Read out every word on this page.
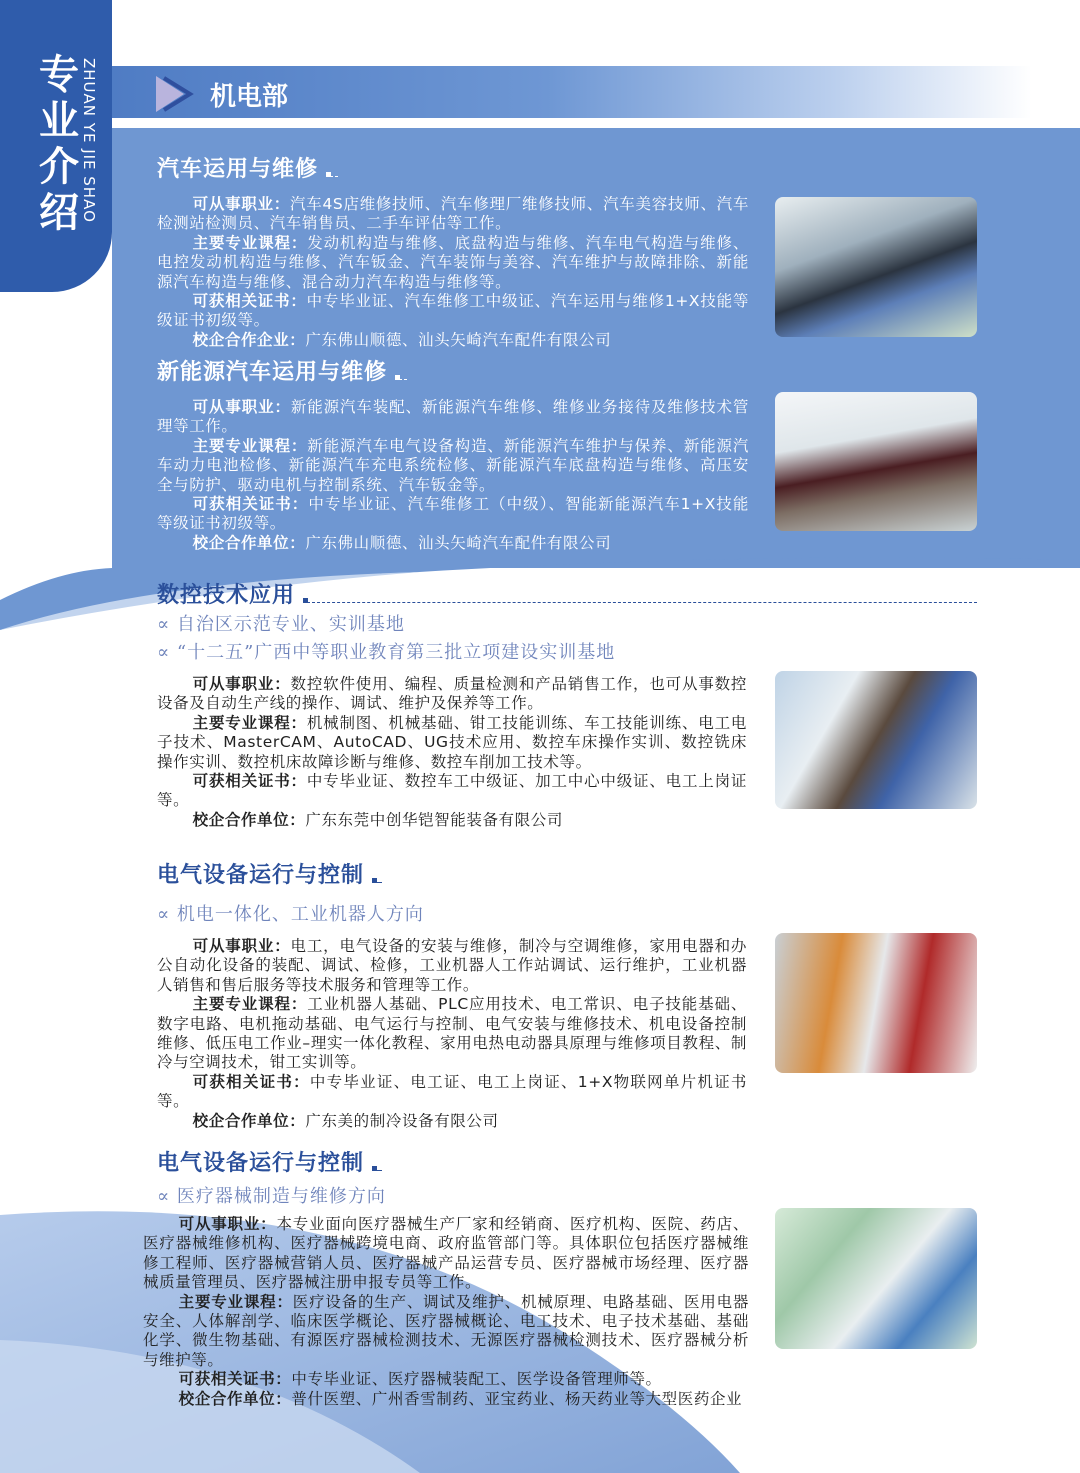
专业介绍 ZHUAN YE JIE SHAO	机电部
汽车运用与维修

可从事职业：汽车4S店维修技师、汽车修理厂维修技师、汽车美容技师、汽车检测站检测员、汽车销售员、二手车评估等工作。

主要专业课程：发动机构造与维修、底盘构造与维修、汽车电气构造与维修、电控发动机构造与维修、汽车钣金、汽车装饰与美容、汽车维护与故障排除、新能源汽车构造与维修、混合动力汽车构造与维修等。

可获相关证书：中专毕业证、汽车维修工中级证、汽车运用与维修1+X技能等级证书初级等。

校企合作企业：广东佛山顺德、汕头矢崎汽车配件有限公司

新能源汽车运用与维修

可从事职业：新能源汽车装配、新能源汽车维修、维修业务接待及维修技术管理等工作。

主要专业课程：新能源汽车电气设备构造、新能源汽车维护与保养、新能源汽车动力电池检修、新能源汽车充电系统检修、新能源汽车底盘构造与维修、高压安全与防护、驱动电机与控制系统、汽车钣金等。

可获相关证书：中专毕业证、汽车维修工（中级）、智能新能源汽车1+X技能等级证书初级等。

校企合作单位：广东佛山顺德、汕头矢崎汽车配件有限公司

数控技术应用
∝ 自治区示范专业、实训基地
∝ “十二五”广西中等职业教育第三批立项建设实训基地

可从事职业：数控软件使用、编程、质量检测和产品销售工作，也可从事数控设备及自动生产线的操作、调试、维护及保养等工作。

主要专业课程：机械制图、机械基础、钳工技能训练、车工技能训练、电工电子技术、MasterCAM、AutoCAD、UG技术应用、数控车床操作实训、数控铣床操作实训、数控机床故障诊断与维修、数控车削加工技术等。

可获相关证书：中专毕业证、数控车工中级证、加工中心中级证、电工上岗证等。

校企合作单位：广东东莞中创华铠智能装备有限公司

电气设备运行与控制
∝ 机电一体化、工业机器人方向

可从事职业：电工，电气设备的安装与维修，制冷与空调维修，家用电器和办公自动化设备的装配、调试、检修，工业机器人工作站调试、运行维护，工业机器人销售和售后服务等技术服务和管理等工作。

主要专业课程：工业机器人基础、PLC应用技术、电工常识、电子技能基础、数字电路、电机拖动基础、电气运行与控制、电气安装与维修技术、机电设备控制维修、低压电工作业–理实一体化教程、家用电热电动器具原理与维修项目教程、制冷与空调技术，钳工实训等。

可获相关证书：中专毕业证、电工证、电工上岗证、1+X物联网单片机证书等。

校企合作单位：广东美的制冷设备有限公司

电气设备运行与控制
∝ 医疗器械制造与维修方向

可从事职业：本专业面向医疗器械生产厂家和经销商、医疗机构、医院、药店、医疗器械维修机构、医疗器械跨境电商、政府监管部门等。具体职位包括医疗器械维修工程师、医疗器械营销人员、医疗器械产品运营专员、医疗器械市场经理、医疗器械质量管理员、医疗器械注册申报专员等工作。

主要专业课程：医疗设备的生产、调试及维护、机械原理、电路基础、医用电器安全、人体解剖学、临床医学概论、医疗器械概论、电工技术、电子技术基础、基础化学、微生物基础、有源医疗器械检测技术、无源医疗器械检测技术、医疗器械分析与维护等。

可获相关证书：中专毕业证、医疗器械装配工、医学设备管理师等。

校企合作单位：普什医塑、广州香雪制药、亚宝药业、杨天药业等大型医药企业
